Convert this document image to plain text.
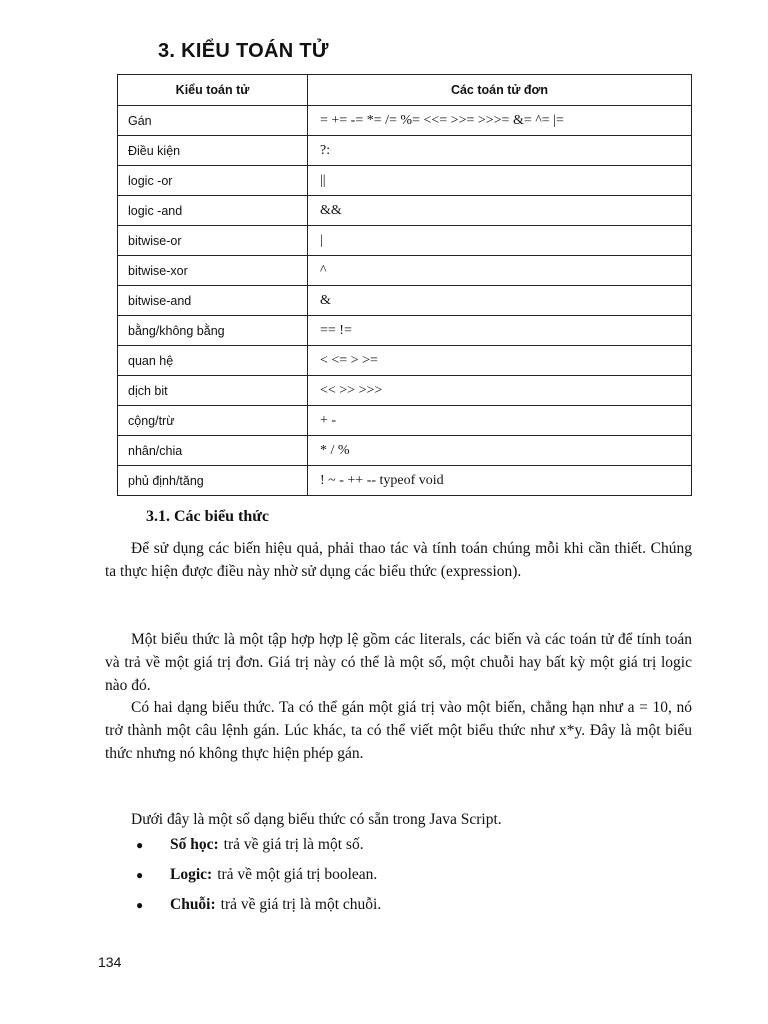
3. KIỂU TOÁN TỬ
Kiểu toán tử	Các toán tử đơn
Gán	= += -= *= /= %= <<= >>= >>>= &= ^= |=
Điều kiện	?:
logic -or	||
logic -and	&&
bitwise-or	|
bitwise-xor	^
bitwise-and	&
bằng/không bằng	== !=
quan hệ	< <= > >=
dịch bit	<< >> >>>
cộng/trừ	+ -
nhân/chia	* / %
phủ định/tăng	! ~ - ++ -- typeof void
3.1. Các biểu thức

Để sử dụng các biến hiệu quả, phải thao tác và tính toán chúng mỗi khi cần thiết. Chúng ta thực hiện được điều này nhờ sử dụng các biểu thức (expression).

Một biểu thức là một tập hợp hợp lệ gồm các literals, các biến và các toán tử để tính toán và trả về một giá trị đơn. Giá trị này có thể là một số, một chuỗi hay bất kỳ một giá trị logic nào đó.

Có hai dạng biểu thức. Ta có thể gán một giá trị vào một biến, chẳng hạn như a = 10, nó trở thành một câu lệnh gán. Lúc khác, ta có thể viết một biểu thức như x*y. Đây là một biểu thức nhưng nó không thực hiện phép gán.

Dưới đây là một số dạng biểu thức có sẵn trong Java Script.

●	Số học: trả về giá trị là một số.
●	Logic: trả về một giá trị boolean.
●	Chuỗi: trả về giá trị là một chuỗi.
134
